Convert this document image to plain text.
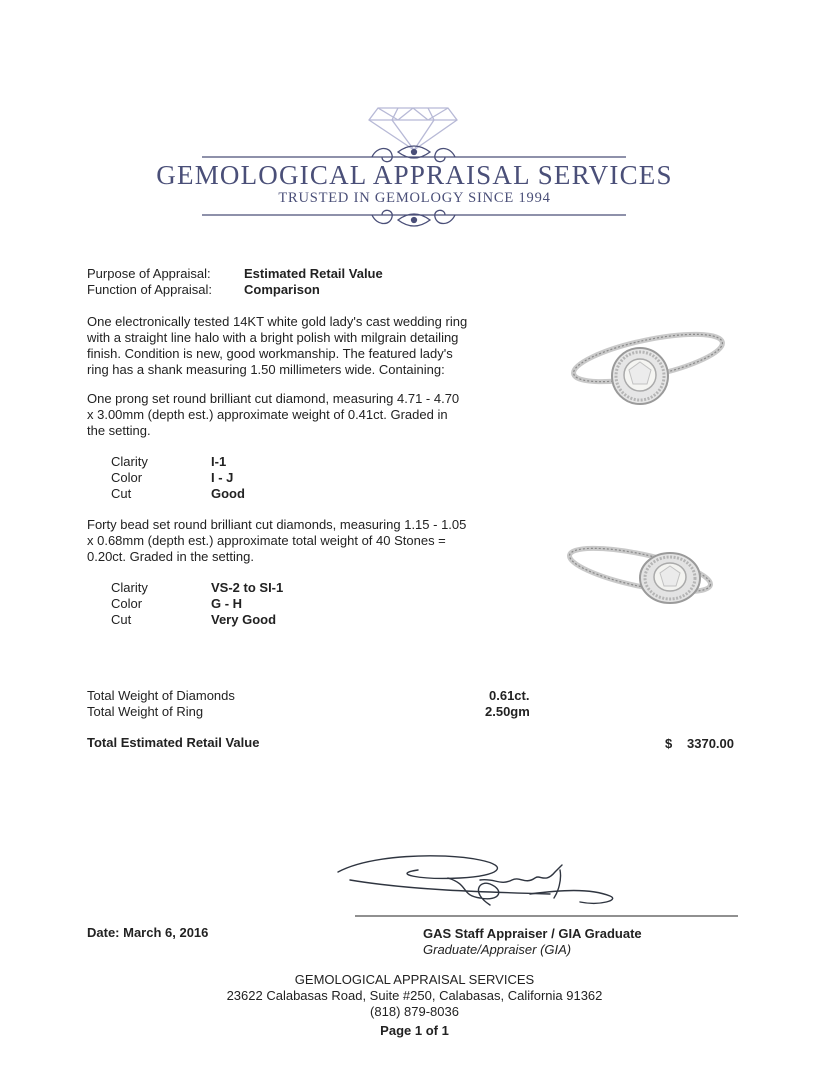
GEMOLOGICAL APPRAISAL SERVICES
TRUSTED IN GEMOLOGY SINCE 1994
Purpose of Appraisal:	Estimated Retail Value
Function of Appraisal: Comparison
One electronically tested 14KT white gold lady's cast wedding ring
with a straight line halo with a bright polish with milgrain detailing
finish. Condition is new, good workmanship. The featured lady's
ring has a shank measuring 1.50 millimeters wide. Containing:
One prong set round brilliant cut diamond, measuring 4.71 - 4.70
x 3.00mm (depth est.) approximate weight of 0.41ct. Graded in
the setting.
Clarity	I-1
Color	I - J
Cut	Good
Forty bead set round brilliant cut diamonds, measuring 1.15 - 1.05
x 0.68mm (depth est.) approximate total weight of 40 Stones =
0.20ct. Graded in the setting.
Clarity	VS-2 to SI-1
Color	G - H
Cut	Very Good
Total Weight of Diamonds	0.61ct.
Total Weight of Ring	2.50gm
Total Estimated Retail Value	$ 3370.00
Date: March 6, 2016	GAS Staff Appraiser / GIA Graduate
Graduate/Appraiser (GIA)
GEMOLOGICAL APPRAISAL SERVICES
23622 Calabasas Road, Suite #250, Calabasas, California 91362
(818) 879-8036
Page 1 of 1
